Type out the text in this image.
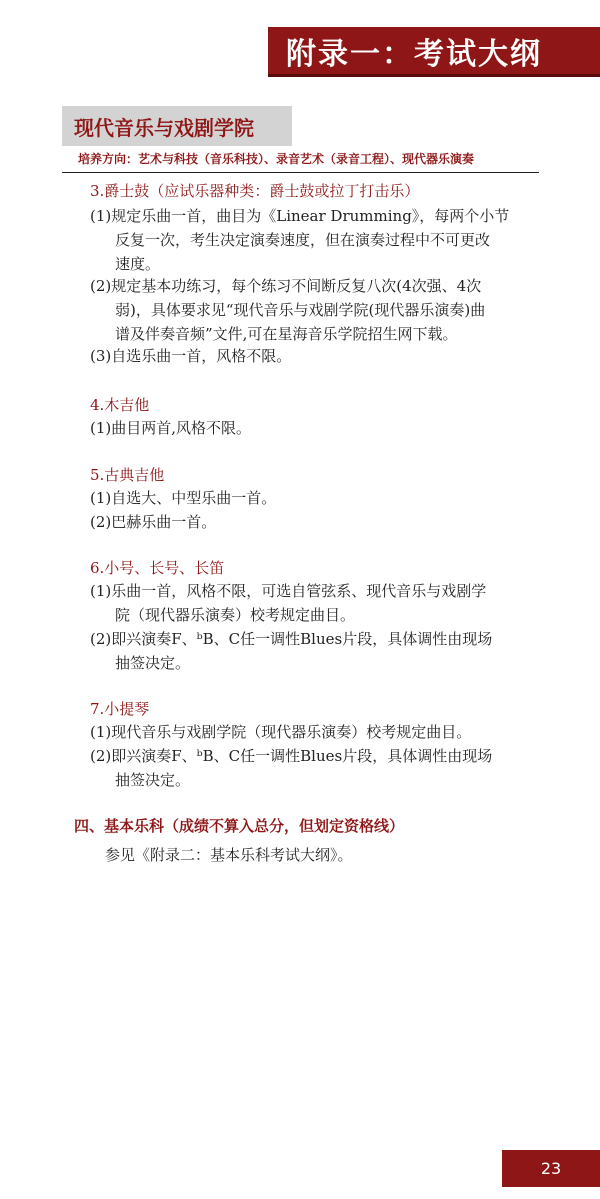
附录一：考试大纲
现代音乐与戏剧学院
培养方向：艺术与科技（音乐科技）、录音艺术（录音工程）、现代器乐演奏
3.爵士鼓（应试乐器种类：爵士鼓或拉丁打击乐）
(1)规定乐曲一首，曲目为《Linear Drumming》，每两个小节
反复一次，考生决定演奏速度，但在演奏过程中不可更改
速度。
(2)规定基本功练习，每个练习不间断反复八次(4次强、4次
弱)，具体要求见“现代音乐与戏剧学院(现代器乐演奏)曲
谱及伴奏音频”文件,可在星海音乐学院招生网下载。
(3)自选乐曲一首，风格不限。
4.木吉他
(1)曲目两首,风格不限。
5.古典吉他
(1)自选大、中型乐曲一首。
(2)巴赫乐曲一首。
6.小号、长号、长笛
(1)乐曲一首，风格不限，可选自管弦系、现代音乐与戏剧学
院（现代器乐演奏）校考规定曲目。
(2)即兴演奏F、ᵇB、C任一调性Blues片段，具体调性由现场
抽签决定。
7.小提琴
(1)现代音乐与戏剧学院（现代器乐演奏）校考规定曲目。
(2)即兴演奏F、ᵇB、C任一调性Blues片段，具体调性由现场
抽签决定。
四、基本乐科（成绩不算入总分，但划定资格线）
参见《附录二：基本乐科考试大纲》。
23
